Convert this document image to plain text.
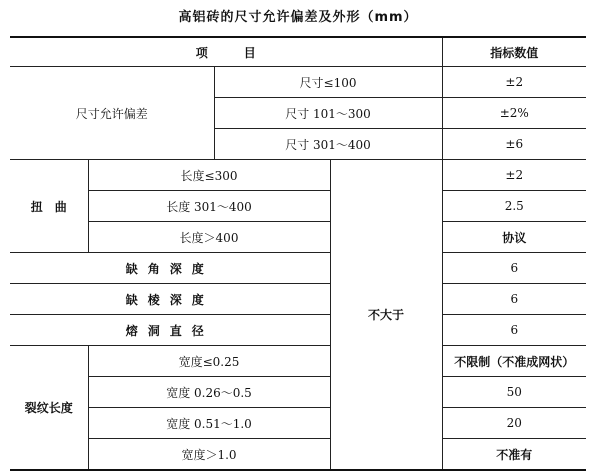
高铝砖的尺寸允许偏差及外形（mm）
项　　　目				指标数值
尺寸允许偏差		尺寸≤100		±2
		尺寸 101～300		±2%
		尺寸 301～400		±6
扭　曲	长度≤300		不大于	±2
	长度 301～400			2.5
	长度＞400			协议
缺角深度				6
缺棱深度				6
熔洞直径				6
裂纹长度	宽度≤0.25			不限制（不准成网状）
	宽度 0.26～0.5			50
	宽度 0.51～1.0			20
	宽度＞1.0			不准有
